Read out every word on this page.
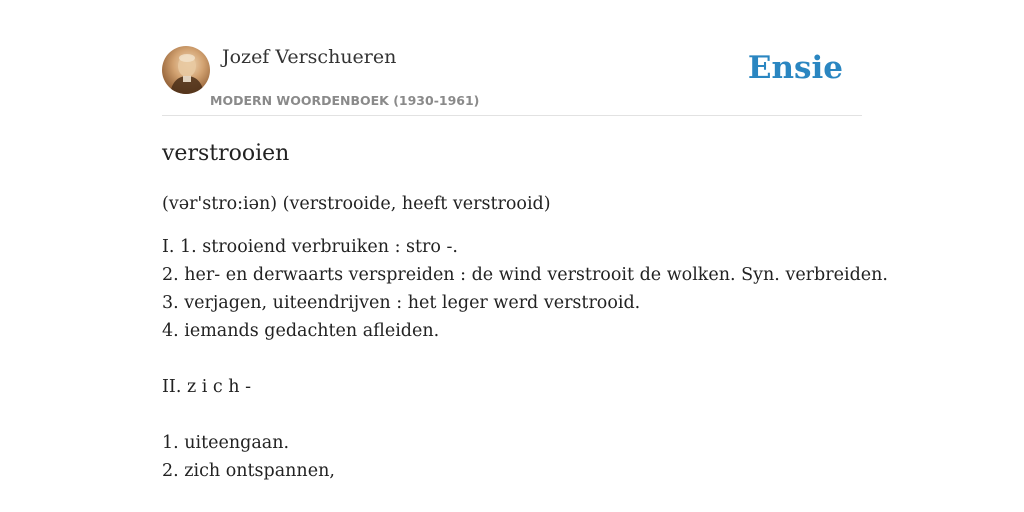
Jozef Verschueren
MODERN WOORDENBOEK (1930-1961)
Ensie
verstrooien
(vər'stro:iən) (verstrooide, heeft verstrooid)
I. 1. strooiend verbruiken : stro -.
2. her- en derwaarts verspreiden : de wind verstrooit de wolken. Syn. verbreiden.
3. verjagen, uiteendrijven : het leger werd verstrooid.
4. iemands gedachten afleiden.
II. z i c h -
1. uiteengaan.
2. zich ontspannen,
